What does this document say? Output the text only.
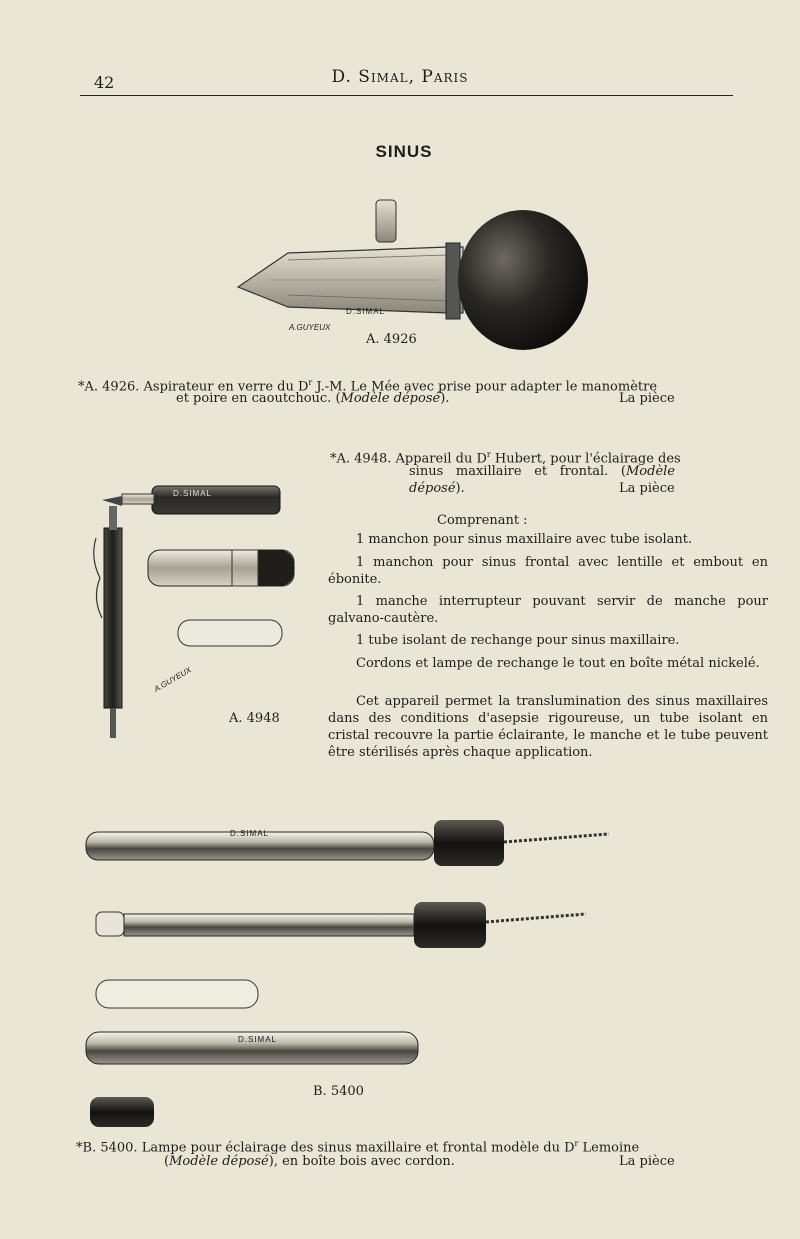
42	D. Simal, Paris
SINUS
D.SIMAL
A.GUYEUX
A. 4926
*A. 4926. Aspirateur en verre du $D^r$ J.-M. Le Mée avec prise pour adapter le manomètre
et poire en caoutchouc. (Modèle déposé).	La pièce
D.SIMAL
A.GUYEUX
A. 4948
*A. 4948. Appareil du $D^r$ Hubert, pour l'éclairage des
sinus maxillaire et frontal. (Modèle
déposé).	La pièce
Comprenant :
1 manchon pour sinus maxillaire avec tube isolant.
1 manchon pour sinus frontal avec lentille et embout en ébonite.
1 manche interrupteur pouvant servir de manche pour galvano-cautère.
1 tube isolant de rechange pour sinus maxillaire.
Cordons et lampe de rechange le tout en boîte métal nickelé.
Cet appareil permet la translumination des sinus maxillaires dans des conditions d'asepsie rigoureuse, un tube isolant en cristal recouvre la partie éclairante, le manche et le tube peuvent être stérilisés après chaque application.
D.SIMAL
D.SIMAL
B. 5400
*B. 5400. Lampe pour éclairage des sinus maxillaire et frontal modèle du $D^r$ Lemoine
(Modèle déposé), en boîte bois avec cordon.	La pièce
